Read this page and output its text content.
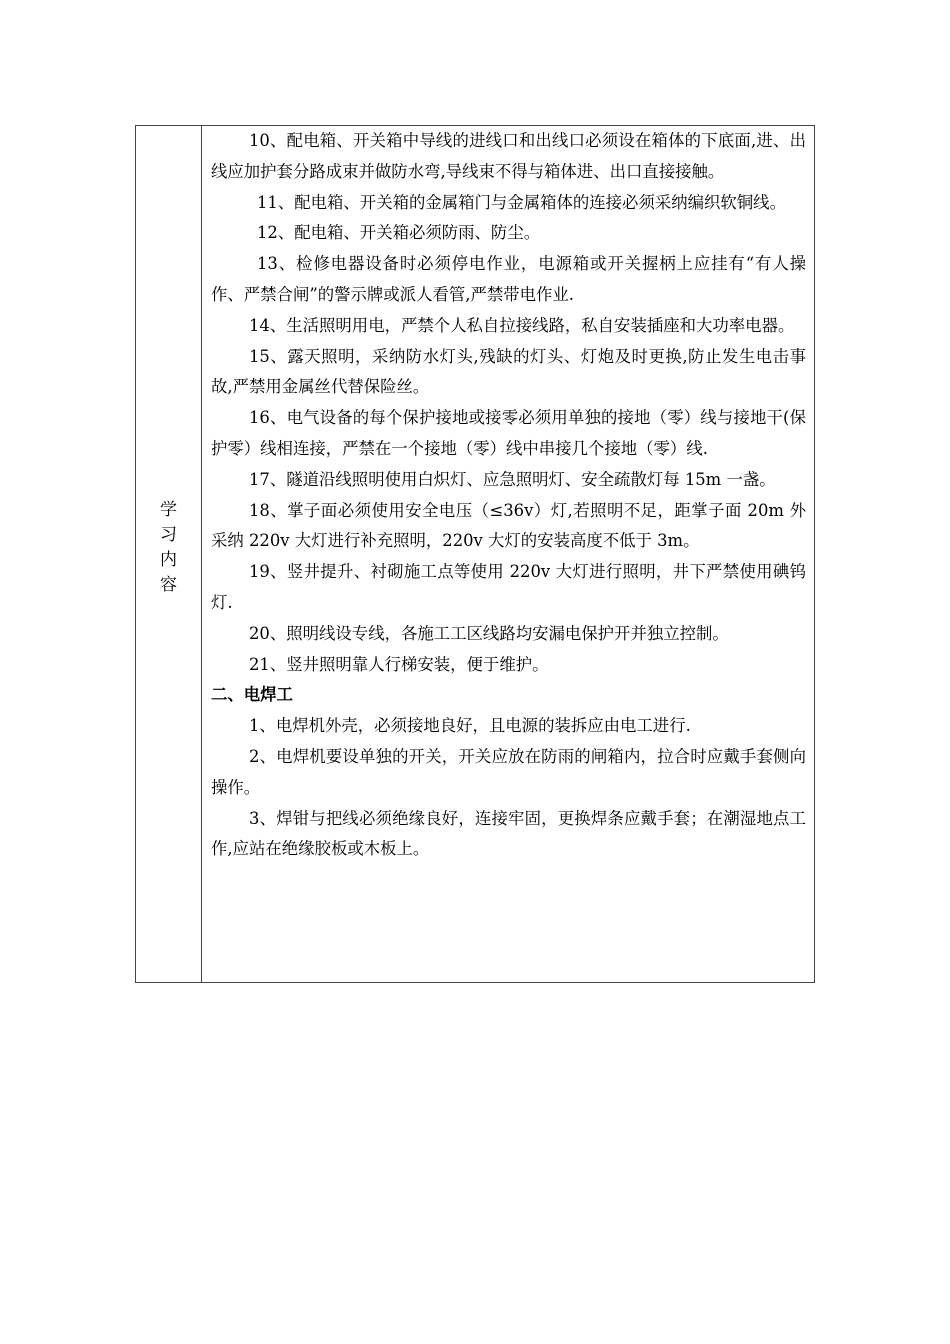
学
习
内
容

10、配电箱、开关箱中导线的进线口和出线口必须设在箱体的下底面,进、出线应加护套分路成束并做防水弯,导线束不得与箱体进、出口直接接触。

11、配电箱、开关箱的金属箱门与金属箱体的连接必须采纳编织软铜线。

12、配电箱、开关箱必须防雨、防尘。

13、检修电器设备时必须停电作业，电源箱或开关握柄上应挂有“有人操作、严禁合闸”的警示牌或派人看管,严禁带电作业.

14、生活照明用电，严禁个人私自拉接线路，私自安装插座和大功率电器。

15、露天照明，采纳防水灯头,残缺的灯头、灯炮及时更换,防止发生电击事故,严禁用金属丝代替保险丝。

16、电气设备的每个保护接地或接零必须用单独的接地（零）线与接地干(保护零）线相连接，严禁在一个接地（零）线中串接几个接地（零）线.

17、隧道沿线照明使用白炽灯、应急照明灯、安全疏散灯每 15m 一盏。

18、掌子面必须使用安全电压（≤36v）灯,若照明不足，距掌子面 20m 外采纳 220v 大灯进行补充照明，220v 大灯的安装高度不低于 3m。

19、竖井提升、衬砌施工点等使用 220v 大灯进行照明，井下严禁使用碘钨灯.

20、照明线设专线，各施工工区线路均安漏电保护开并独立控制。

21、竖井照明靠人行梯安装，便于维护。

二、电焊工

1、电焊机外壳，必须接地良好，且电源的装拆应由电工进行.

2、电焊机要设单独的开关，开关应放在防雨的闸箱内，拉合时应戴手套侧向操作。

3、焊钳与把线必须绝缘良好，连接牢固，更换焊条应戴手套；在潮湿地点工作,应站在绝缘胶板或木板上。
